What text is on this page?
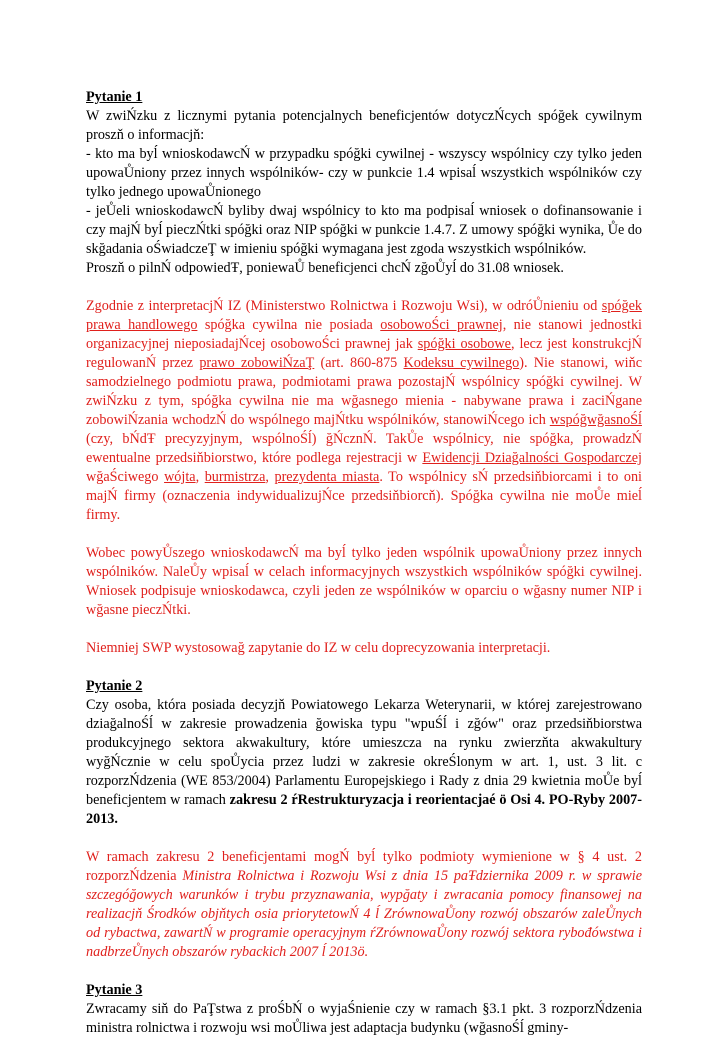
Pytanie 1

W zwiŃzku z licznymi pytania potencjalnych beneficjentów dotyczŃcych spóğek cywilnym proszň o informacjň:

- kto ma byĺ wnioskodawcŃ w przypadku spóğki cywilnej - wszyscy wspólnicy czy tylko jeden upowaŮniony przez innych wspólników- czy w punkcie 1.4 wpisaĺ wszystkich wspólników czy tylko jednego upowaŮnionego

- jeŮeli wnioskodawcŃ byliby dwaj wspólnicy to kto ma podpisaĺ wniosek o dofinansowanie i czy majŃ byĺ pieczŃtki spóğki oraz NIP spóğki w punkcie 1.4.7. Z umowy spóğki wynika, Ůe do skğadania oŚwiadczeŢ w imieniu spóğki wymagana jest zgoda wszystkich wspólników.

Proszň o pilnŃ odpowiedŦ, poniewaŮ beneficjenci chcŃ zğoŮyĺ do 31.08 wniosek.

Zgodnie z interpretacjŃ IZ (Ministerstwo Rolnictwa i Rozwoju Wsi), w odróŮnieniu od spóğek prawa handlowego spóğka cywilna nie posiada osobowoŚci prawnej, nie stanowi jednostki organizacyjnej nieposiadajŃcej osobowoŚci prawnej jak spóğki osobowe, lecz jest konstrukcjŃ regulowanŃ przez prawo zobowiŃzaŢ (art. 860-875 Kodeksu cywilnego). Nie stanowi, wiňc samodzielnego podmiotu prawa, podmiotami prawa pozostajŃ wspólnicy spóğki cywilnej. W zwiŃzku z tym, spóğka cywilna nie ma wğasnego mienia - nabywane prawa i zaciŃgane zobowiŃzania wchodzŃ do wspólnego majŃtku wspólników, stanowiŃcego ich wspóğwğasnoŚĺ (czy, bŃdŦ precyzyjnym, wspólnoŚĺ) ğŃcznŃ. TakŮe wspólnicy, nie spóğka, prowadzŃ ewentualne przedsiňbiorstwo, które podlega rejestracji w Ewidencji Dziağalności Gospodarczej wğaŚciwego wójta, burmistrza, prezydenta miasta. To wspólnicy sŃ przedsiňbiorcami i to oni majŃ firmy (oznaczenia indywidualizujŃce przedsiňbiorcň). Spóğka cywilna nie moŮe mieĺ firmy.

Wobec powyŮszego wnioskodawcŃ ma byĺ tylko jeden wspólnik upowaŮniony przez innych wspólników. NaleŮy wpisaĺ w celach informacyjnych wszystkich wspólników spóğki cywilnej. Wniosek podpisuje wnioskodawca, czyli jeden ze wspólników w oparciu o wğasny numer NIP i wğasne pieczŃtki.

Niemniej SWP wystosowağ zapytanie do IZ w celu doprecyzowania interpretacji.

Pytanie 2

Czy osoba, która posiada decyzjň Powiatowego Lekarza Weterynarii, w której zarejestrowano dziağalnoŚĺ w zakresie prowadzenia ğowiska typu "wpuŚĺ i zğów" oraz przedsiňbiorstwa produkcyjnego sektora akwakultury, które umieszcza na rynku zwierzňta akwakultury wyğŃcznie w celu spoŮycia przez ludzi w zakresie okreŚlonym w art. 1, ust. 3 lit. c rozporzŃdzenia (WE 853/2004) Parlamentu Europejskiego i Rady z dnia 29 kwietnia moŮe byĺ beneficjentem w ramach zakresu 2 ŕRestrukturyzacja i reorientacjaé ö Osi 4. PO-Ryby 2007-2013.

W ramach zakresu 2 beneficjentami mogŃ byĺ tylko podmioty wymienione w § 4 ust. 2 rozporzŃdzenia Ministra Rolnictwa i Rozwoju Wsi z dnia 15 paŦdziernika 2009 r. w sprawie szczegóğowych warunków i trybu przyznawania, wypğaty i zwracania pomocy finansowej na realizacjň Środków objňtych osia priorytetowŃ 4 ĺ ZrównowaŮony rozwój obszarów zaleŮnych od rybactwa, zawartŃ w programie operacyjnym ŕZrównowaŮony rozwój sektora rybođówstwa i nadbrzeŮnych obszarów rybackich 2007 ĺ 2013ö.

Pytanie 3

Zwracamy siň do PaŢstwa z proŚbŃ o wyjaŚnienie czy w ramach §3.1 pkt. 3 rozporzŃdzenia ministra rolnictwa i rozwoju wsi moŮliwa jest adaptacja budynku (wğasnoŚĺ gminy-
